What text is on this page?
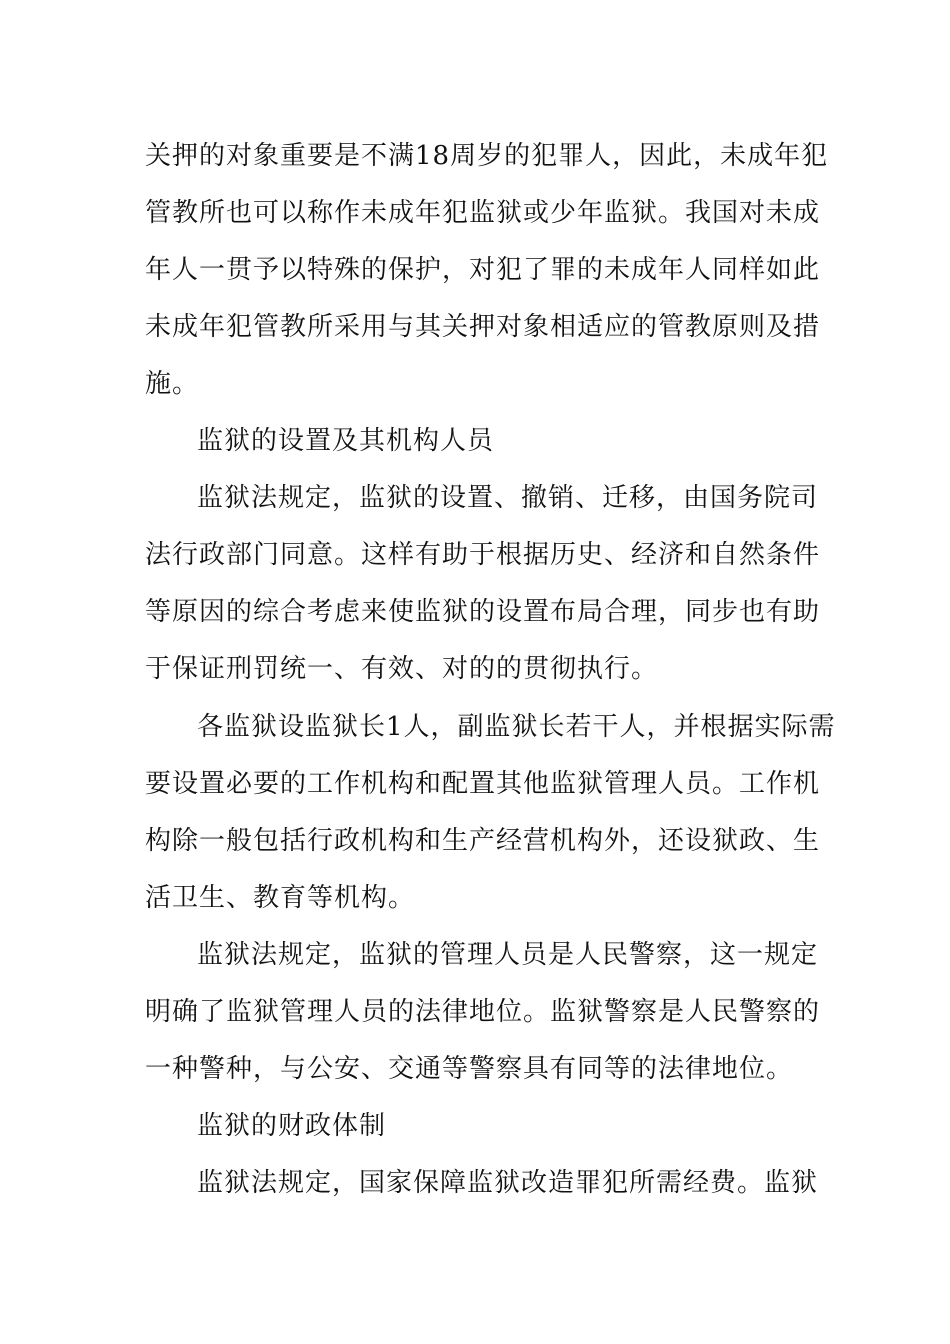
关押的对象重要是不满18周岁的犯罪人，因此，未成年犯
管教所也可以称作未成年犯监狱或少年监狱。我国对未成
年人一贯予以特殊的保护，对犯了罪的未成年人同样如此
未成年犯管教所采用与其关押对象相适应的管教原则及措
施。
监狱的设置及其机构人员
监狱法规定，监狱的设置、撤销、迁移，由国务院司
法行政部门同意。这样有助于根据历史、经济和自然条件
等原因的综合考虑来使监狱的设置布局合理，同步也有助
于保证刑罚统一、有效、对的的贯彻执行。
各监狱设监狱长1人，副监狱长若干人，并根据实际需
要设置必要的工作机构和配置其他监狱管理人员。工作机
构除一般包括行政机构和生产经营机构外，还设狱政、生
活卫生、教育等机构。
监狱法规定，监狱的管理人员是人民警察，这一规定
明确了监狱管理人员的法律地位。监狱警察是人民警察的
一种警种，与公安、交通等警察具有同等的法律地位。
监狱的财政体制
监狱法规定，国家保障监狱改造罪犯所需经费。监狱
